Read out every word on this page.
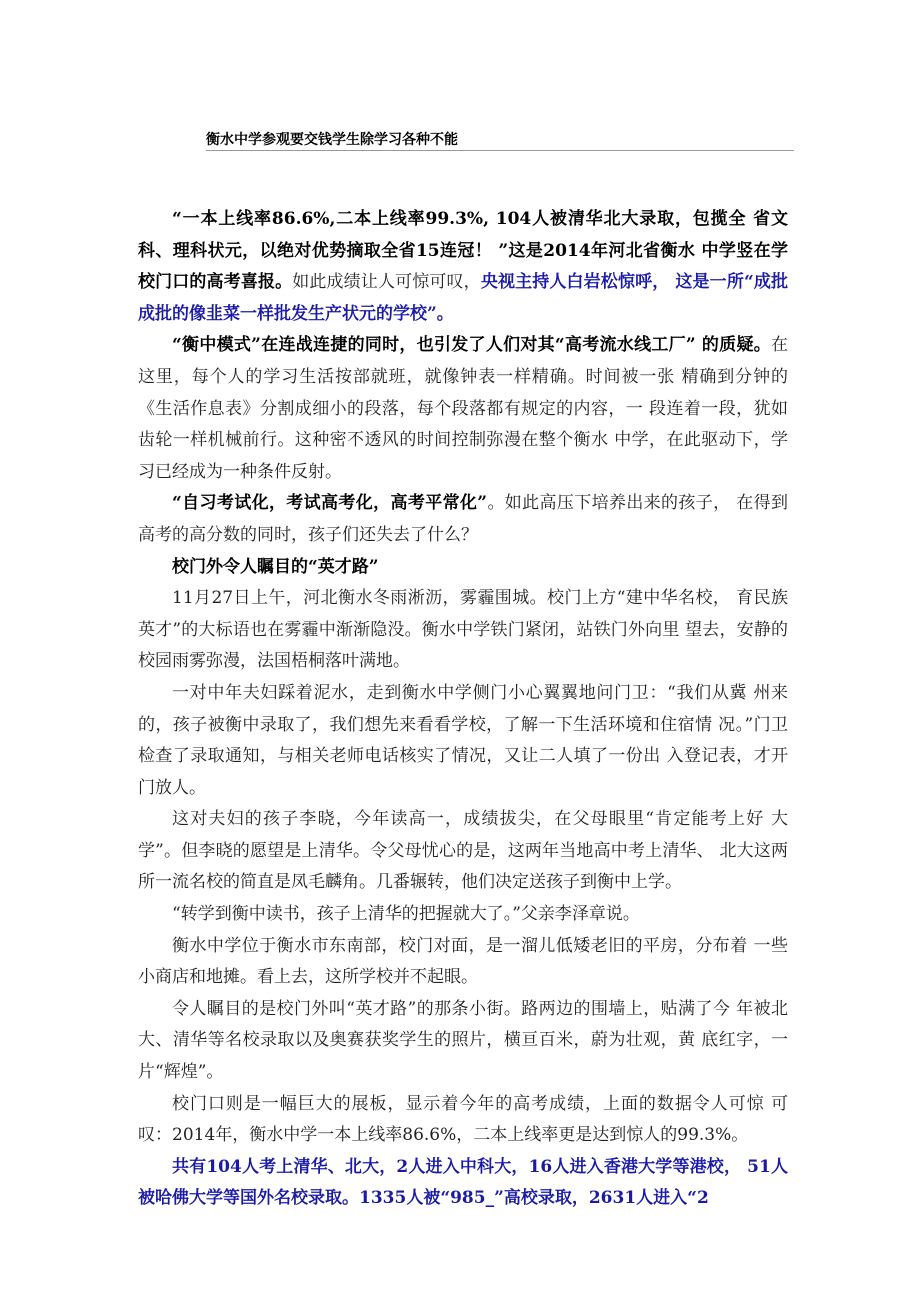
衡水中学参观要交钱学生除学习各种不能

“一本上线率86.6%,二本上线率99.3%, 104人被清华北大录取，包揽全 省文科、理科状元，以绝对优势摘取全省15连冠！ ”这是2014年河北省衡水 中学竖在学校门口的高考喜报。如此成绩让人可惊可叹，央视主持人白岩松惊呼， 这是一所“成批成批的像韭菜一样批发生产状元的学校”。

“衡中模式”在连战连捷的同时，也引发了人们对其“高考流水线工厂” 的质疑。在这里，每个人的学习生活按部就班，就像钟表一样精确。时间被一张 精确到分钟的《生活作息表》分割成细小的段落，每个段落都有规定的内容，一 段连着一段，犹如齿轮一样机械前行。这种密不透风的时间控制弥漫在整个衡水 中学，在此驱动下，学习已经成为一种条件反射。

“自习考试化，考试高考化，高考平常化”。如此高压下培养出来的孩子， 在得到高考的高分数的同时，孩子们还失去了什么？

校门外令人瞩目的“英才路”

11月27日上午，河北衡水冬雨淅沥，雾霾围城。校门上方“建中华名校， 育民族英才”的大标语也在雾霾中渐渐隐没。衡水中学铁门紧闭，站铁门外向里 望去，安静的校园雨雾弥漫，法国梧桐落叶满地。

一对中年夫妇踩着泥水，走到衡水中学侧门小心翼翼地问门卫：“我们从冀 州来的，孩子被衡中录取了，我们想先来看看学校，了解一下生活环境和住宿情 况。”门卫检查了录取通知，与相关老师电话核实了情况，又让二人填了一份出 入登记表，才开门放人。

这对夫妇的孩子李晓，今年读高一，成绩拔尖，在父母眼里“肯定能考上好 大学”。但李晓的愿望是上清华。令父母忧心的是，这两年当地高中考上清华、 北大这两所一流名校的简直是凤毛麟角。几番辗转，他们决定送孩子到衡中上学。

“转学到衡中读书，孩子上清华的把握就大了。”父亲李泽章说。

衡水中学位于衡水市东南部，校门对面，是一溜儿低矮老旧的平房，分布着 一些小商店和地摊。看上去，这所学校并不起眼。

令人瞩目的是校门外叫“英才路”的那条小街。路两边的围墙上，贴满了今 年被北大、清华等名校录取以及奥赛获奖学生的照片，横亘百米，蔚为壮观，黄 底红字，一片“辉煌”。

校门口则是一幅巨大的展板，显示着今年的高考成绩，上面的数据令人可惊 可叹：2014年，衡水中学一本上线率86.6%，二本上线率更是达到惊人的99.3%。

共有104人考上清华、北大，2人进入中科大，16人进入香港大学等港校， 51人被哈佛大学等国外名校录取。1335人被“985_”高校录取，2631人进入“2
